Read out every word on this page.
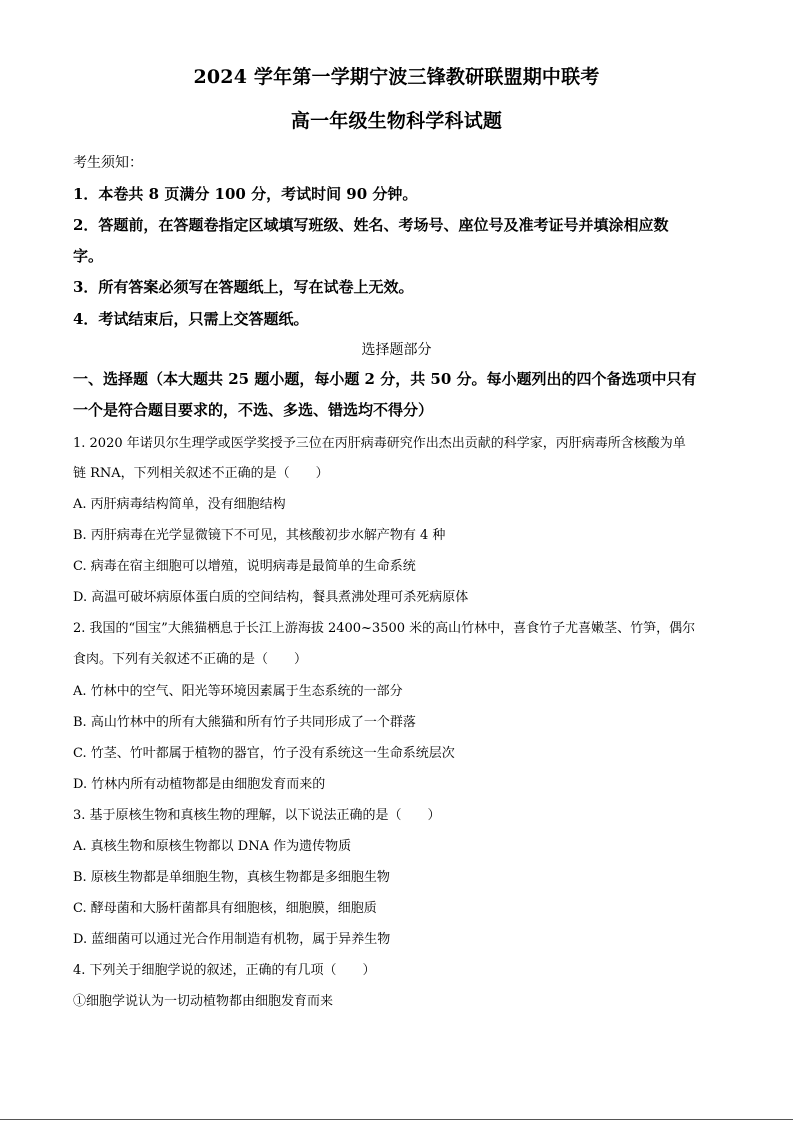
2024 学年第一学期宁波三锋教研联盟期中联考
高一年级生物科学科试题
考生须知：
1．本卷共 8 页满分 100 分，考试时间 90 分钟。
2．答题前，在答题卷指定区域填写班级、姓名、考场号、座位号及准考证号并填涂相应数
字。
3．所有答案必须写在答题纸上，写在试卷上无效。
4．考试结束后，只需上交答题纸。
选择题部分
一、选择题（本大题共 25 题小题，每小题 2 分，共 50 分。每小题列出的四个备选项中只有
一个是符合题目要求的，不选、多选、错选均不得分）
1. 2020 年诺贝尔生理学或医学奖授予三位在丙肝病毒研究作出杰出贡献的科学家，丙肝病毒所含核酸为单
链 RNA，下列相关叙述不正确的是（　　）
A. 丙肝病毒结构简单，没有细胞结构
B. 丙肝病毒在光学显微镜下不可见，其核酸初步水解产物有 4 种
C. 病毒在宿主细胞可以增殖，说明病毒是最简单的生命系统
D. 高温可破坏病原体蛋白质的空间结构，餐具煮沸处理可杀死病原体
2. 我国的“国宝”大熊猫栖息于长江上游海拔 2400~3500 米的高山竹林中，喜食竹子尤喜嫩茎、竹笋，偶尔
食肉。下列有关叙述不正确的是（　　）
A. 竹林中的空气、阳光等环境因素属于生态系统的一部分
B. 高山竹林中的所有大熊猫和所有竹子共同形成了一个群落
C. 竹茎、竹叶都属于植物的器官，竹子没有系统这一生命系统层次
D. 竹林内所有动植物都是由细胞发育而来的
3. 基于原核生物和真核生物的理解，以下说法正确的是（　　）
A. 真核生物和原核生物都以 DNA 作为遗传物质
B. 原核生物都是单细胞生物，真核生物都是多细胞生物
C. 酵母菌和大肠杆菌都具有细胞核，细胞膜，细胞质
D. 蓝细菌可以通过光合作用制造有机物，属于异养生物
4. 下列关于细胞学说的叙述，正确的有几项（　　）
①细胞学说认为一切动植物都由细胞发育而来
